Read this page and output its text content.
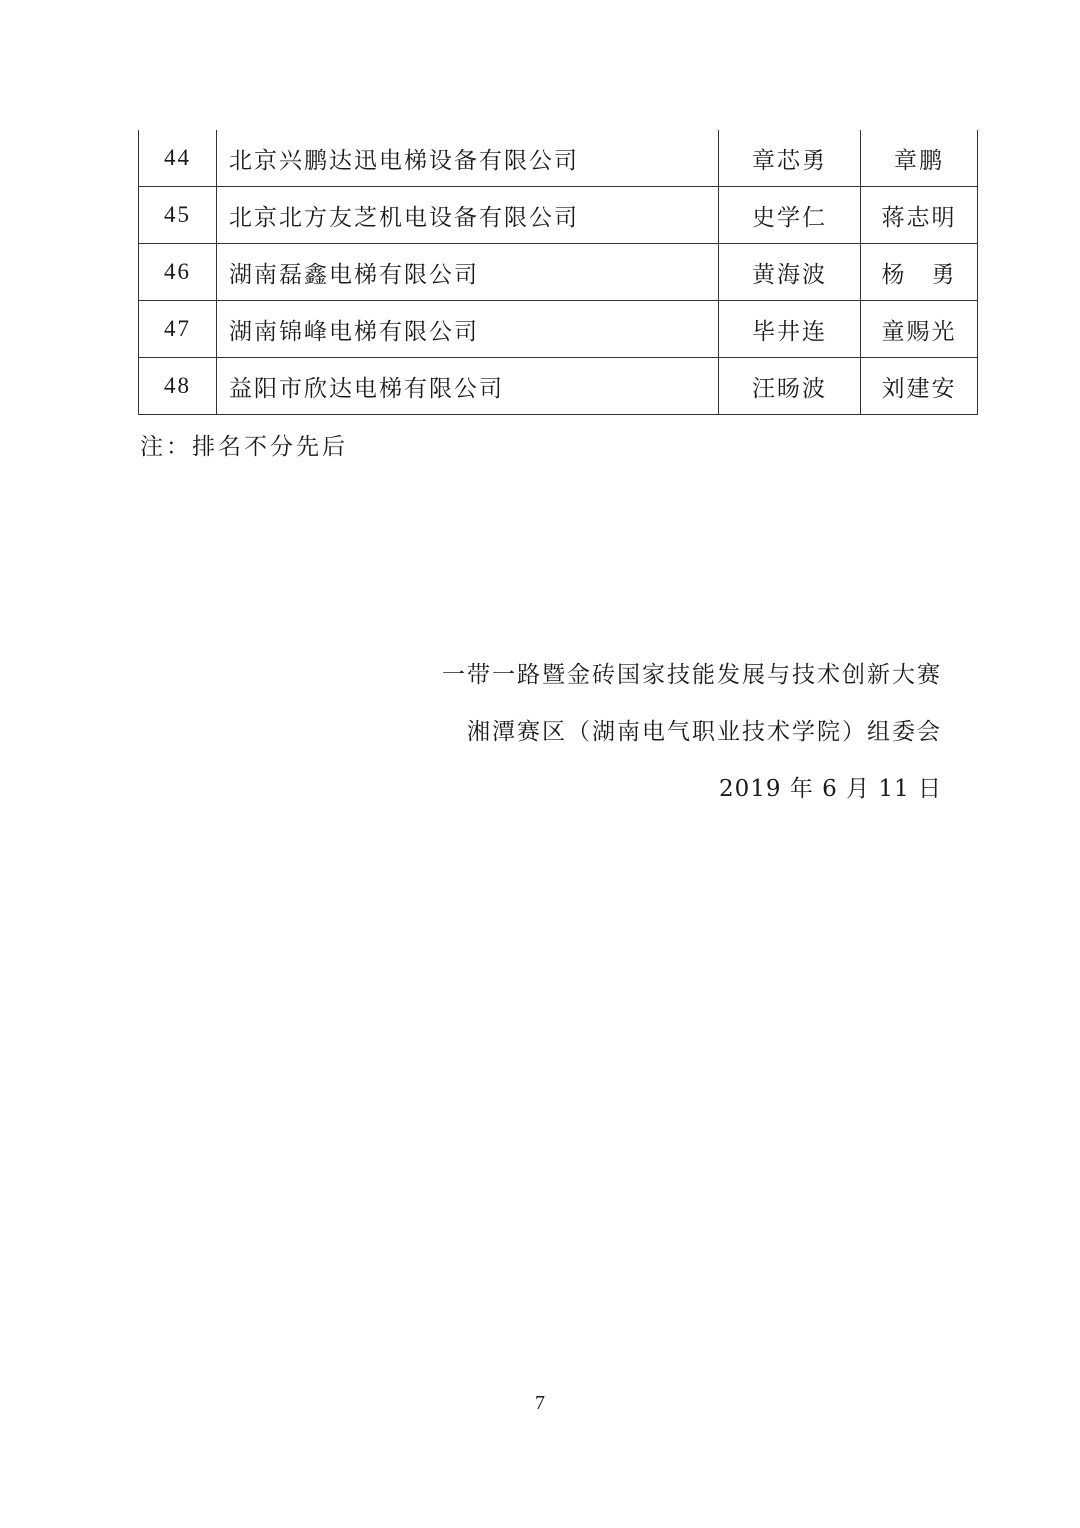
44	北京兴鹏达迅电梯设备有限公司	章芯勇	章鹏
45	北京北方友芝机电设备有限公司	史学仁	蒋志明
46	湖南磊鑫电梯有限公司	黄海波	杨　勇
47	湖南锦峰电梯有限公司	毕井连	童赐光
48	益阳市欣达电梯有限公司	汪旸波	刘建安
注：排名不分先后
一带一路暨金砖国家技能发展与技术创新大赛
湘潭赛区（湖南电气职业技术学院）组委会
2019 年 6 月 11 日
7
